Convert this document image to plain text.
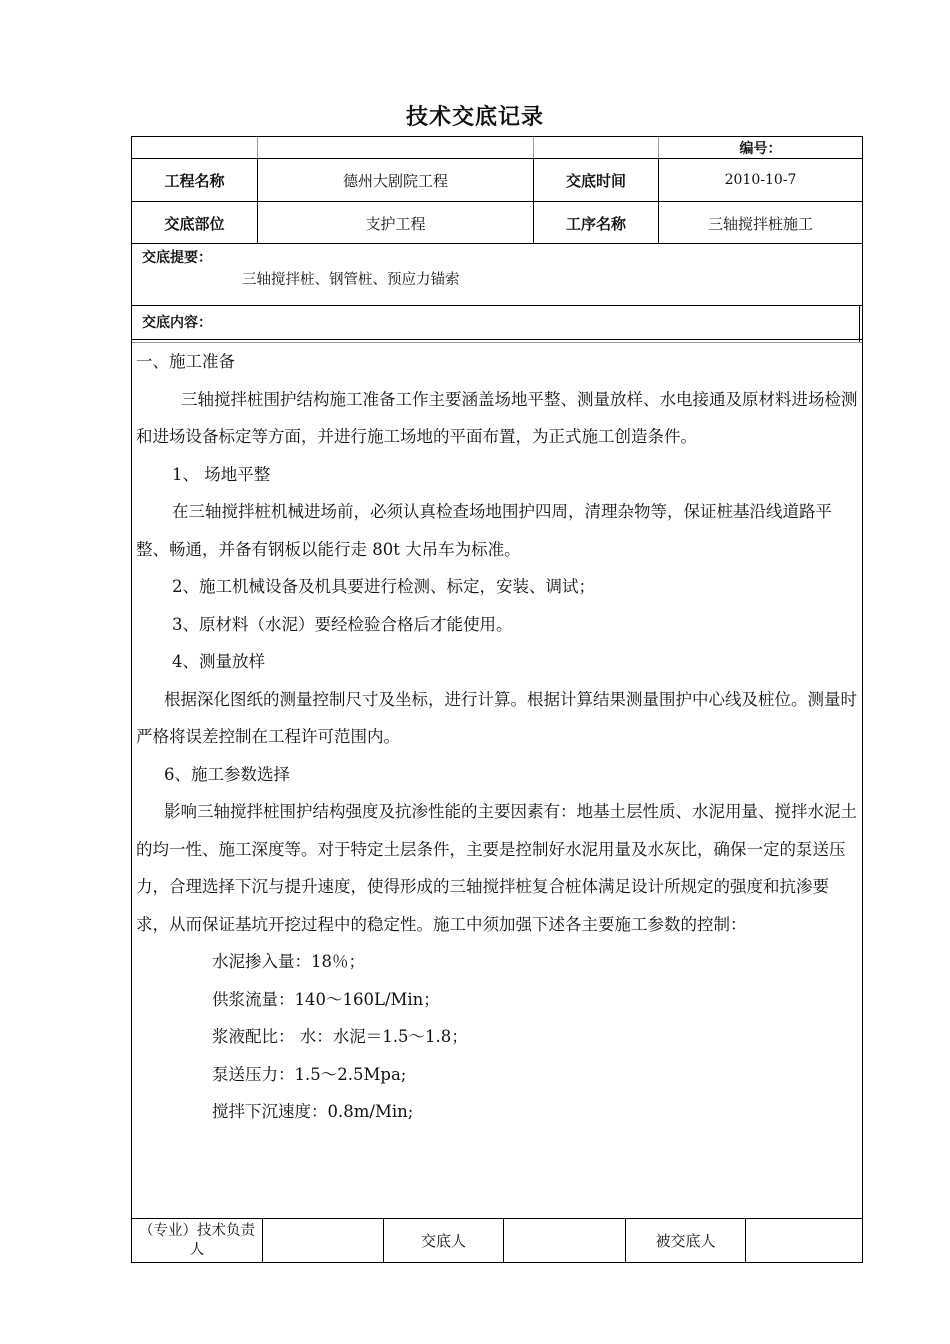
技术交底记录
编号：
工程名称	德州大剧院工程	交底时间	2010-10-7
交底部位	支护工程	工序名称	三轴搅拌桩施工
交底提要：
三轴搅拌桩、钢管桩、预应力锚索
交底内容：

一、施工准备

三轴搅拌桩围护结构施工准备工作主要涵盖场地平整、测量放样、水电接通及原材料进场检测和进场设备标定等方面，并进行施工场地的平面布置，为正式施工创造条件。

1、 场地平整

在三轴搅拌桩机械进场前，必须认真检查场地围护四周，清理杂物等，保证桩基沿线道路平整、畅通，并备有钢板以能行走 80t 大吊车为标准。

2、施工机械设备及机具要进行检测、标定，安装、调试；

3、原材料（水泥）要经检验合格后才能使用。

4、测量放样

根据深化图纸的测量控制尺寸及坐标，进行计算。根据计算结果测量围护中心线及桩位。测量时严格将误差控制在工程许可范围内。

6、施工参数选择

影响三轴搅拌桩围护结构强度及抗渗性能的主要因素有：地基土层性质、水泥用量、搅拌水泥土的均一性、施工深度等。对于特定土层条件，主要是控制好水泥用量及水灰比，确保一定的泵送压力，合理选择下沉与提升速度，使得形成的三轴搅拌桩复合桩体满足设计所规定的强度和抗渗要求，从而保证基坑开挖过程中的稳定性。施工中须加强下述各主要施工参数的控制：

水泥掺入量：18％；

供浆流量：140～160L/Min；

浆液配比： 水：水泥＝1.5～1.8；

泵送压力：1.5～2.5Mpa;

搅拌下沉速度：0.8m/Min;

（专业）技术负责人	交底人	被交底人
